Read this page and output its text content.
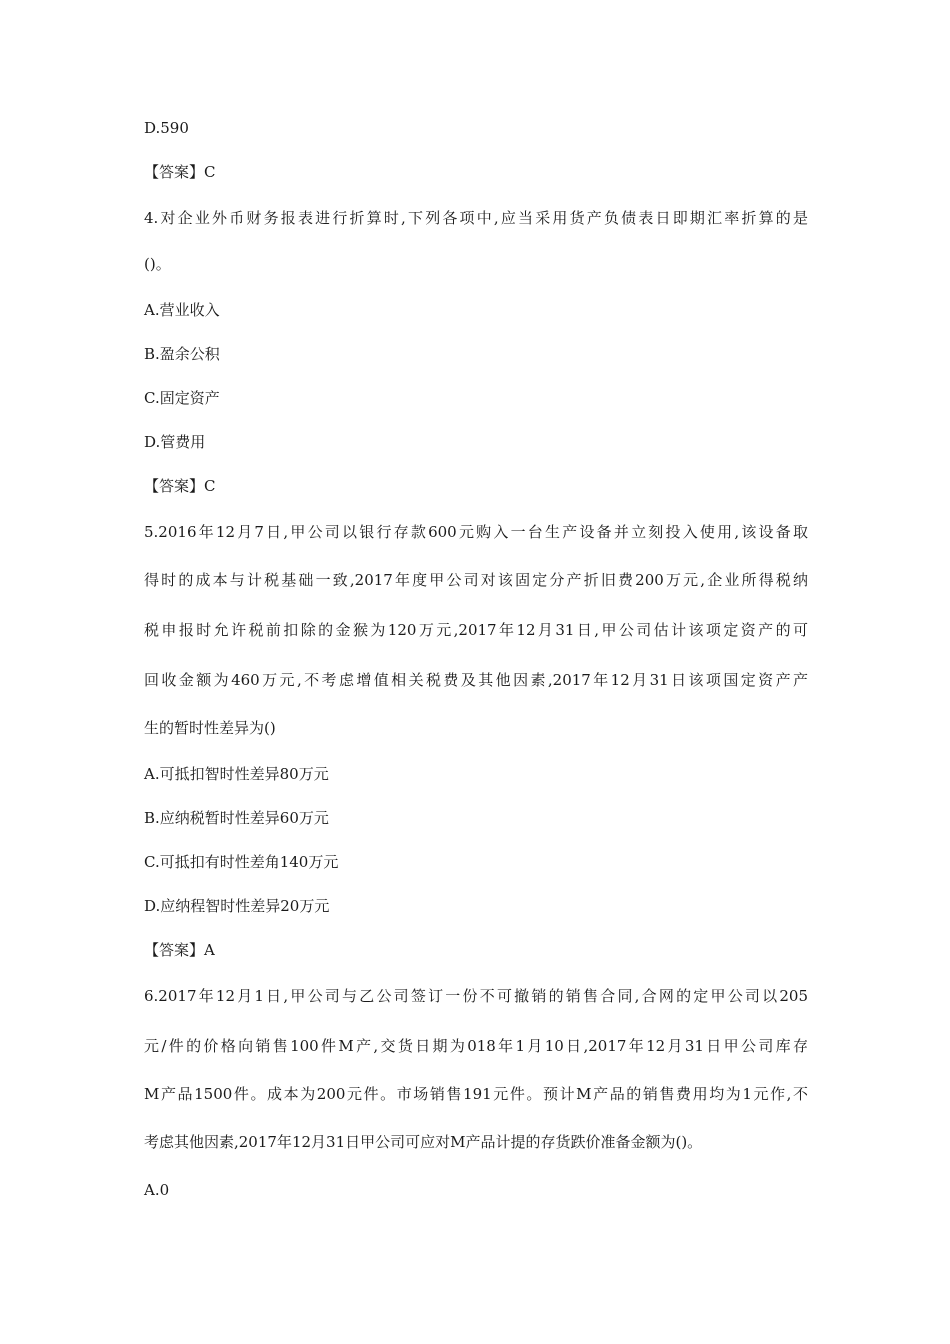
D.590
【答案】C
4.对企业外币财务报表进行折算时,下列各项中,应当采用货产负债表日即期汇率折算的是
()。
A.营业收入
B.盈余公积
C.固定资产
D.管费用
【答案】C
5.2016年12月7日,甲公司以银行存款600元购入一台生产设备并立刻投入使用,该设备取
得时的成本与计税基础一致,2017年度甲公司对该固定分产折旧费200万元,企业所得税纳
税申报时允许税前扣除的金猴为120万元,2017年12月31日,甲公司估计该项定资产的可
回收金额为460万元,不考虑增值相关税费及其他因素,2017年12月31日该项国定资产产
生的暂时性差异为()
A.可抵扣智时性差异80万元
B.应纳税暂时性差异60万元
C.可抵扣有时性差角140万元
D.应纳程智时性差异20万元
【答案】A
6.2017年12月1日,甲公司与乙公司签订一份不可撤销的销售合同,合网的定甲公司以205
元/件的价格向销售100件M产,交货日期为018年1月10日,2017年12月31日甲公司库存
M产品1500件。成本为200元件。市场销售191元件。预计M产品的销售费用均为1元作,不
考虑其他因素,2017年12月31日甲公司可应对M产品计提的存货跌价准备金额为()。
A.0
